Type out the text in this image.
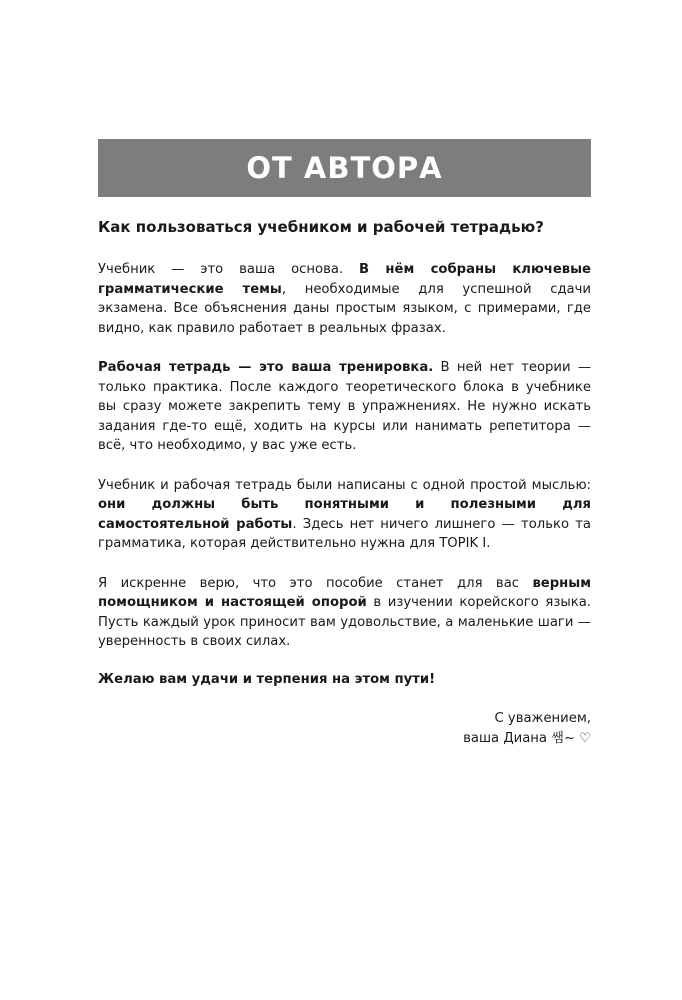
ОТ АВТОРА
Как пользоваться учебником и рабочей тетрадью?

Учебник — это ваша основа. В нём собраны ключевые грамматические темы, необходимые для успешной сдачи экзамена. Все объяснения даны простым языком, с примерами, где видно, как правило работает в реальных фразах.

Рабочая тетрадь — это ваша тренировка. В ней нет теории — только практика. После каждого теоретического блока в учебнике вы сразу можете закрепить тему в упражнениях. Не нужно искать задания где-то ещё, ходить на курсы или нанимать репетитора — всё, что необходимо, у вас уже есть.

Учебник и рабочая тетрадь были написаны с одной простой мыслью: они должны быть понятными и полезными для самостоятельной работы. Здесь нет ничего лишнего — только та грамматика, которая действительно нужна для TOPIK I.

Я искренне верю, что это пособие станет для вас верным помощником и настоящей опорой в изучении корейского языка. Пусть каждый урок приносит вам удовольствие, а маленькие шаги — уверенность в своих силах.

Желаю вам удачи и терпения на этом пути!
С уважением,
ваша Диана 쌤~ ♡
